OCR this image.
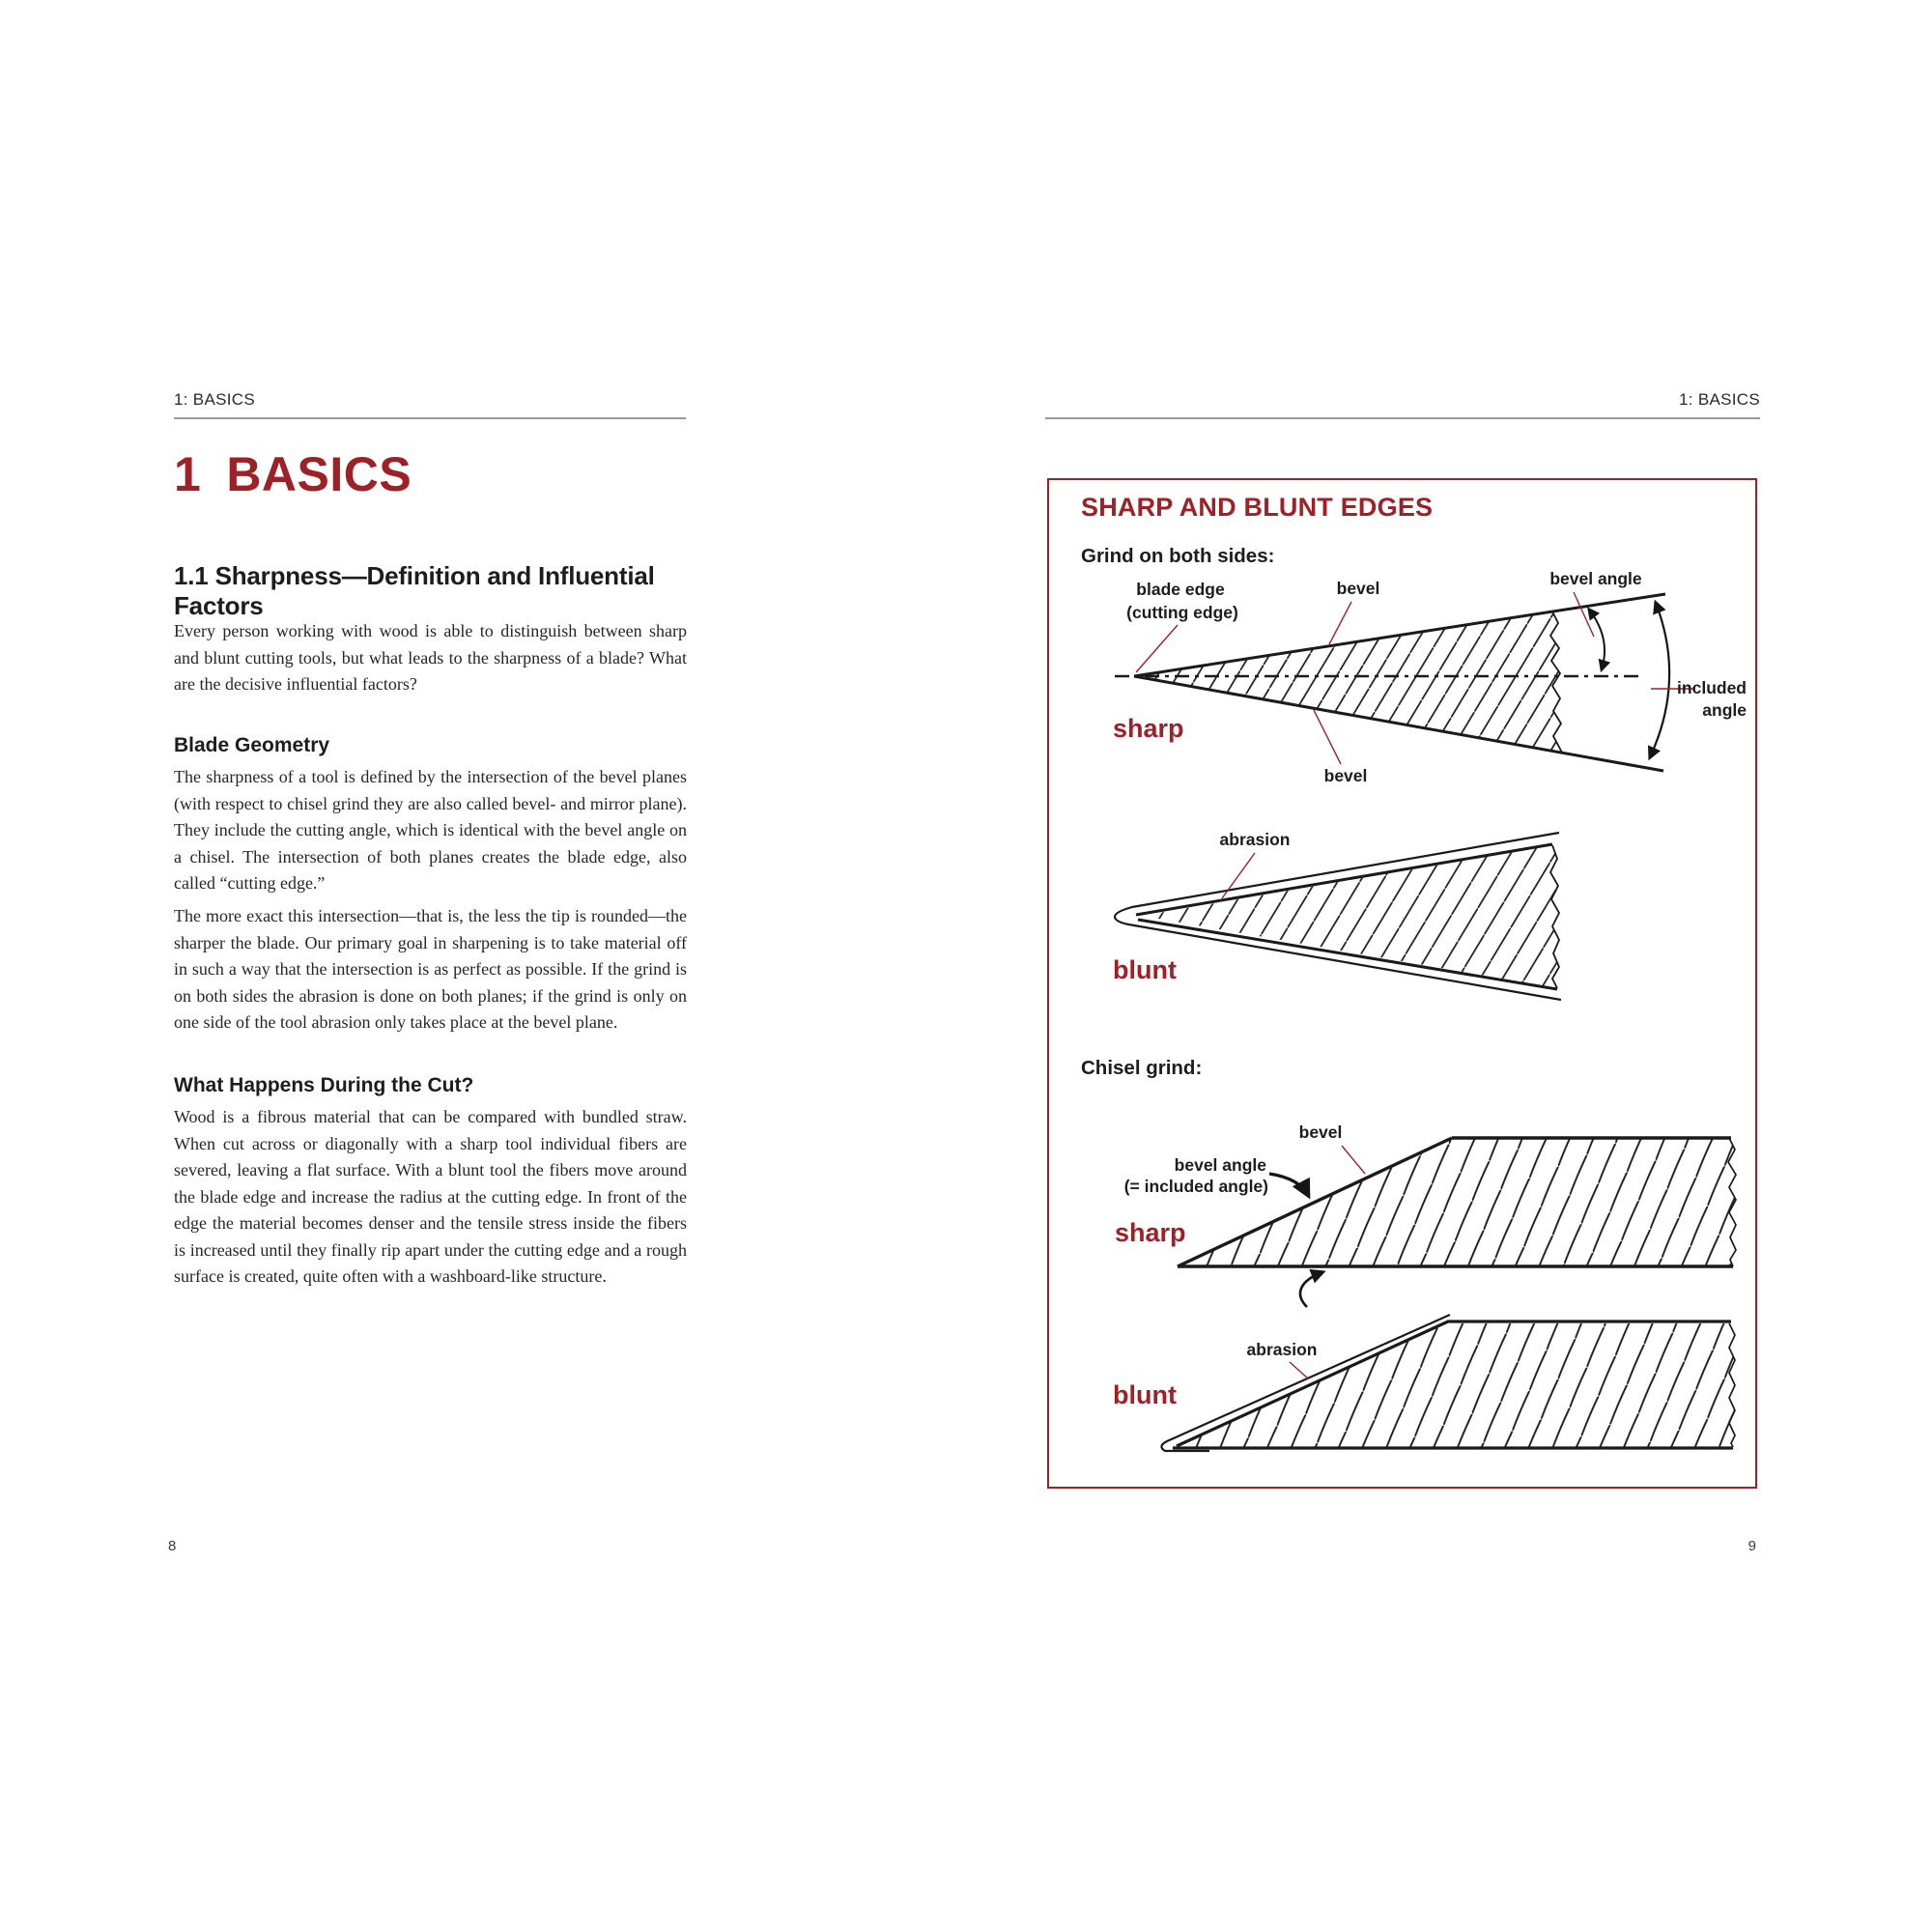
1: BASICS
1 BASICS
1.1 Sharpness—Definition and Influential Factors

Every person working with wood is able to distinguish between sharp and blunt cutting tools, but what leads to the sharpness of a blade? What are the decisive influential factors?

Blade Geometry

The sharpness of a tool is defined by the intersection of the bevel planes (with respect to chisel grind they are also called bevel- and mirror plane). They include the cutting angle, which is identical with the bevel angle on a chisel. The intersection of both planes creates the blade edge, also called “cutting edge.”

The more exact this intersection—that is, the less the tip is rounded—the sharper the blade. Our primary goal in sharpening is to take material off in such a way that the intersection is as perfect as possible. If the grind is on both sides the abrasion is done on both planes; if the grind is only on one side of the tool abrasion only takes place at the bevel plane.

What Happens During the Cut?

Wood is a fibrous material that can be compared with bundled straw. When cut across or diagonally with a sharp tool individual fibers are severed, leaving a flat surface. With a blunt tool the fibers move around the blade edge and increase the radius at the cutting edge. In front of the edge the material becomes denser and the tensile stress inside the fibers is increased until they finally rip apart under the cutting edge and a rough surface is created, quite often with a washboard-like structure.

8
1: BASICS
SHARP AND BLUNT EDGES
Grind on both sides:
blade edge
(cutting edge)
bevel	bevel angle
included
angle
sharp
bevel
abrasion
blunt
Chisel grind:
bevel
bevel angle
(= included angle)
sharp
abrasion
blunt
9
